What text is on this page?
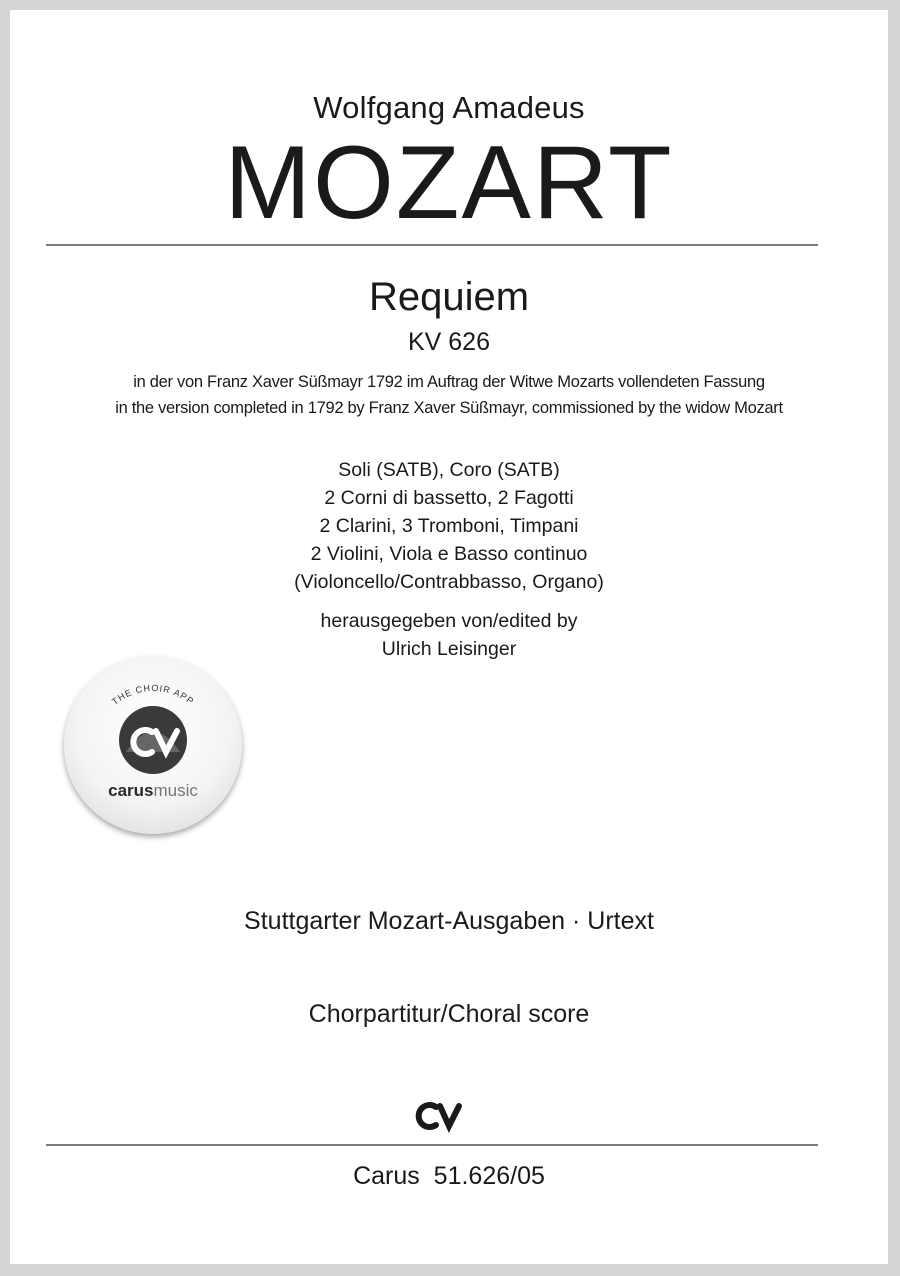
Wolfgang Amadeus
MOZART
Requiem
KV 626
in der von Franz Xaver Süßmayr 1792 im Auftrag der Witwe Mozarts vollendeten Fassung
in the version completed in 1792 by Franz Xaver Süßmayr, commissioned by the widow Mozart
Soli (SATB), Coro (SATB)
2 Corni di bassetto, 2 Fagotti
2 Clarini, 3 Tromboni, Timpani
2 Violini, Viola e Basso continuo
(Violoncello/Contrabbasso, Organo)
herausgegeben von/edited by
Ulrich Leisinger
THE CHOIR APP
carusmusic
Stuttgarter Mozart-Ausgaben · Urtext
Chorpartitur/Choral score
Carus  51.626/05
